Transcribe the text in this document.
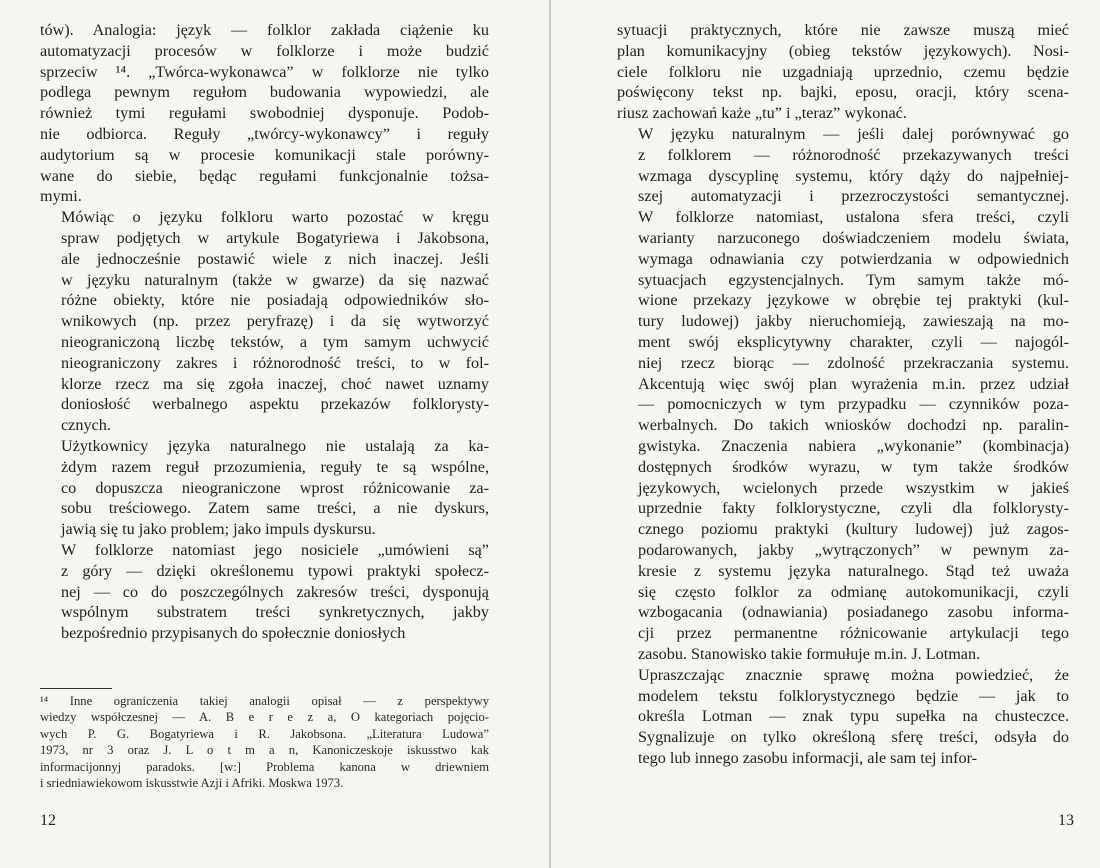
tów). Analogia: język — folklor zakłada ciążenie ku
automatyzacji procesów w folklorze i może budzić
sprzeciw ¹⁴. „Twórca-wykonawca” w folklorze nie tylko
podlega pewnym regułom budowania wypowiedzi, ale
również tymi regułami swobodniej dysponuje. Podob-
nie odbiorca. Reguły „twórcy-wykonawcy” i reguły
audytorium są w procesie komunikacji stale porówny-
wane do siebie, będąc regułami funkcjonalnie tożsa-
mymi.

Mówiąc o języku folkloru warto pozostać w kręgu
spraw podjętych w artykule Bogatyriewa i Jakobsona,
ale jednocześnie postawić wiele z nich inaczej. Jeśli
w języku naturalnym (także w gwarze) da się nazwać
różne obiekty, które nie posiadają odpowiedników sło-
wnikowych (np. przez peryfrazę) i da się wytworzyć
nieograniczoną liczbę tekstów, a tym samym uchwycić
nieograniczony zakres i różnorodność treści, to w fol-
klorze rzecz ma się zgoła inaczej, choć nawet uznamy
doniosłość werbalnego aspektu przekazów folklorysty-
cznych.

Użytkownicy języka naturalnego nie ustalają za ka-
żdym razem reguł przozumienia, reguły te są wspólne,
co dopuszcza nieograniczone wprost różnicowanie za-
sobu treściowego. Zatem same treści, a nie dyskurs,
jawią się tu jako problem; jako impuls dyskursu.

W folklorze natomiast jego nosiciele „umówieni są”
z góry — dzięki określonemu typowi praktyki społecz-
nej — co do poszczególnych zakresów treści, dysponują
wspólnym substratem treści synkretycznych, jakby
bezpośrednio przypisanych do społecznie doniosłych

¹⁴ Inne ograniczenia takiej analogii opisał — z perspektywy
wiedzy współczesnej — A. B e r e z a, O kategoriach pojęcio-
wych P. G. Bogatyriewa i R. Jakobsona. „Literatura Ludowa”
1973, nr 3 oraz J. L o t m a n, Kanoniczeskoje iskusstwo kak
informacijonnyj paradoks. [w:] Problema kanona w driewniem
i sriedniawiekowom iskusstwie Azji i Afriki. Moskwa 1973.
12

sytuacji praktycznych, które nie zawsze muszą mieć
plan komunikacyjny (obieg tekstów językowych). Nosi-
ciele folkloru nie uzgadniają uprzednio, czemu będzie
poświęcony tekst np. bajki, eposu, oracji, który scena-
riusz zachowań każe „tu” i „teraz” wykonać.

W języku naturalnym — jeśli dalej porównywać go
z folklorem — różnorodność przekazywanych treści
wzmaga dyscyplinę systemu, który dąży do najpełniej-
szej automatyzacji i przezroczystości semantycznej.
W folklorze natomiast, ustalona sfera treści, czyli
warianty narzuconego doświadczeniem modelu świata,
wymaga odnawiania czy potwierdzania w odpowiednich
sytuacjach egzystencjalnych. Tym samym także mó-
wione przekazy językowe w obrębie tej praktyki (kul-
tury ludowej) jakby nieruchomieją, zawieszają na mo-
ment swój eksplicytywny charakter, czyli — najogól-
niej rzecz biorąc — zdolność przekraczania systemu.
Akcentują więc swój plan wyrażenia m.in. przez udział
— pomocniczych w tym przypadku — czynników poza-
werbalnych. Do takich wniosków dochodzi np. paralin-
gwistyka. Znaczenia nabiera „wykonanie” (kombinacja)
dostępnych środków wyrazu, w tym także środków
językowych, wcielonych przede wszystkim w jakieś
uprzednie fakty folklorystyczne, czyli dla folklorysty-
cznego poziomu praktyki (kultury ludowej) już zagos-
podarowanych, jakby „wytrączonych” w pewnym za-
kresie z systemu języka naturalnego. Stąd też uważa
się często folklor za odmianę autokomunikacji, czyli
wzbogacania (odnawiania) posiadanego zasobu informa-
cji przez permanentne różnicowanie artykulacji tego
zasobu. Stanowisko takie formułuje m.in. J. Lotman.

Upraszczając znacznie sprawę można powiedzieć, że
modelem tekstu folklorystycznego będzie — jak to
określa Lotman — znak typu supełka na chusteczce.
Sygnalizuje on tylko określoną sferę treści, odsyła do
tego lub innego zasobu informacji, ale sam tej infor-

13
